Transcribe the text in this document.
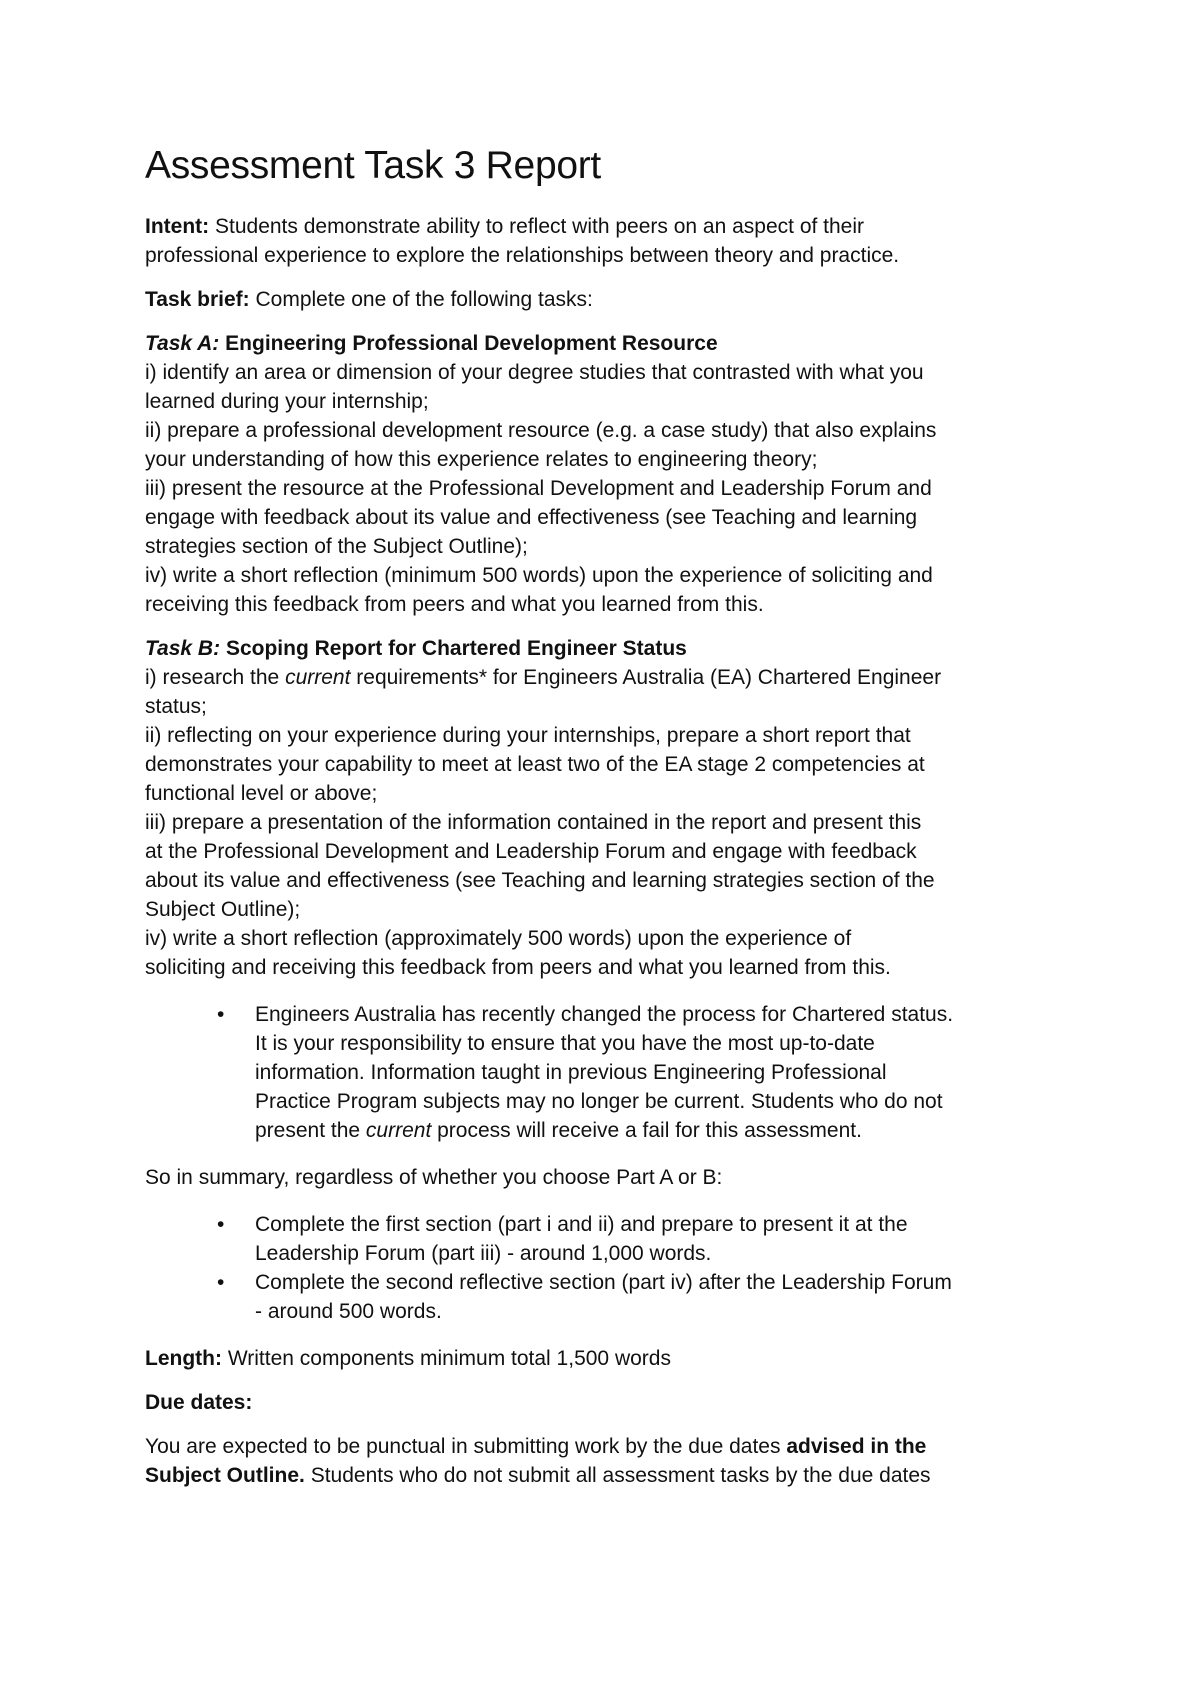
Assessment Task 3 Report

Intent: Students demonstrate ability to reflect with peers on an aspect of their
professional experience to explore the relationships between theory and practice.

Task brief: Complete one of the following tasks:

Task A: Engineering Professional Development Resource
i) identify an area or dimension of your degree studies that contrasted with what you
learned during your internship;
ii) prepare a professional development resource (e.g. a case study) that also explains
your understanding of how this experience relates to engineering theory;
iii) present the resource at the Professional Development and Leadership Forum and
engage with feedback about its value and effectiveness (see Teaching and learning
strategies section of the Subject Outline);
iv) write a short reflection (minimum 500 words) upon the experience of soliciting and
receiving this feedback from peers and what you learned from this.

Task B: Scoping Report for Chartered Engineer Status
i) research the current requirements* for Engineers Australia (EA) Chartered Engineer
status;
ii) reflecting on your experience during your internships, prepare a short report that
demonstrates your capability to meet at least two of the EA stage 2 competencies at
functional level or above;
iii) prepare a presentation of the information contained in the report and present this
at the Professional Development and Leadership Forum and engage with feedback
about its value and effectiveness (see Teaching and learning strategies section of the
Subject Outline);
iv) write a short reflection (approximately 500 words) upon the experience of
soliciting and receiving this feedback from peers and what you learned from this.

• Engineers Australia has recently changed the process for Chartered status.
It is your responsibility to ensure that you have the most up-to-date
information. Information taught in previous Engineering Professional
Practice Program subjects may no longer be current. Students who do not
present the current process will receive a fail for this assessment.

So in summary, regardless of whether you choose Part A or B:

• Complete the first section (part i and ii) and prepare to present it at the
Leadership Forum (part iii) - around 1,000 words.
• Complete the second reflective section (part iv) after the Leadership Forum
- around 500 words.

Length: Written components minimum total 1,500 words

Due dates:

You are expected to be punctual in submitting work by the due dates advised in the
Subject Outline. Students who do not submit all assessment tasks by the due dates
